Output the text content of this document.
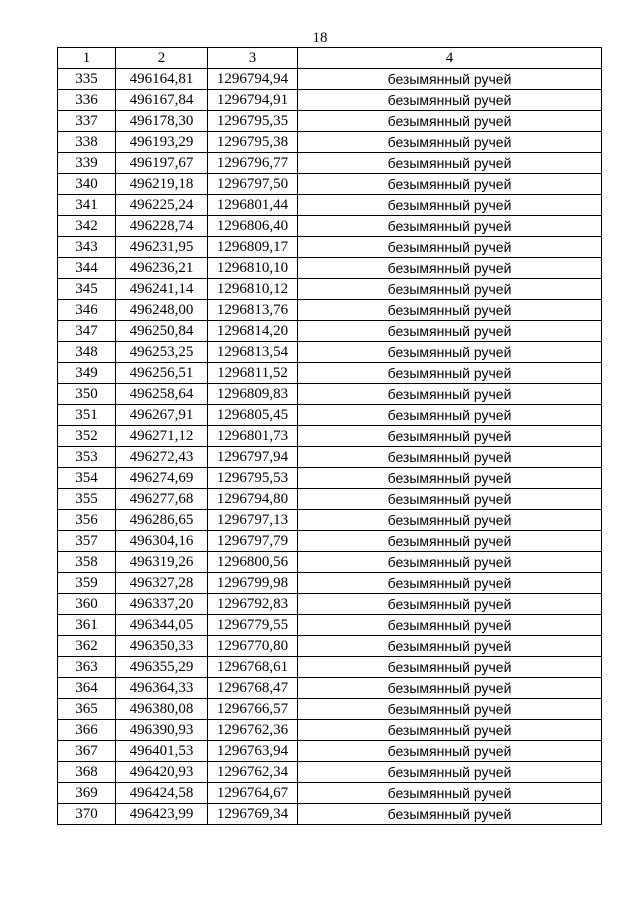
18
1	2	3	4
335	496164,81	1296794,94	безымянный ручей
336	496167,84	1296794,91	безымянный ручей
337	496178,30	1296795,35	безымянный ручей
338	496193,29	1296795,38	безымянный ручей
339	496197,67	1296796,77	безымянный ручей
340	496219,18	1296797,50	безымянный ручей
341	496225,24	1296801,44	безымянный ручей
342	496228,74	1296806,40	безымянный ручей
343	496231,95	1296809,17	безымянный ручей
344	496236,21	1296810,10	безымянный ручей
345	496241,14	1296810,12	безымянный ручей
346	496248,00	1296813,76	безымянный ручей
347	496250,84	1296814,20	безымянный ручей
348	496253,25	1296813,54	безымянный ручей
349	496256,51	1296811,52	безымянный ручей
350	496258,64	1296809,83	безымянный ручей
351	496267,91	1296805,45	безымянный ручей
352	496271,12	1296801,73	безымянный ручей
353	496272,43	1296797,94	безымянный ручей
354	496274,69	1296795,53	безымянный ручей
355	496277,68	1296794,80	безымянный ручей
356	496286,65	1296797,13	безымянный ручей
357	496304,16	1296797,79	безымянный ручей
358	496319,26	1296800,56	безымянный ручей
359	496327,28	1296799,98	безымянный ручей
360	496337,20	1296792,83	безымянный ручей
361	496344,05	1296779,55	безымянный ручей
362	496350,33	1296770,80	безымянный ручей
363	496355,29	1296768,61	безымянный ручей
364	496364,33	1296768,47	безымянный ручей
365	496380,08	1296766,57	безымянный ручей
366	496390,93	1296762,36	безымянный ручей
367	496401,53	1296763,94	безымянный ручей
368	496420,93	1296762,34	безымянный ручей
369	496424,58	1296764,67	безымянный ручей
370	496423,99	1296769,34	безымянный ручей
